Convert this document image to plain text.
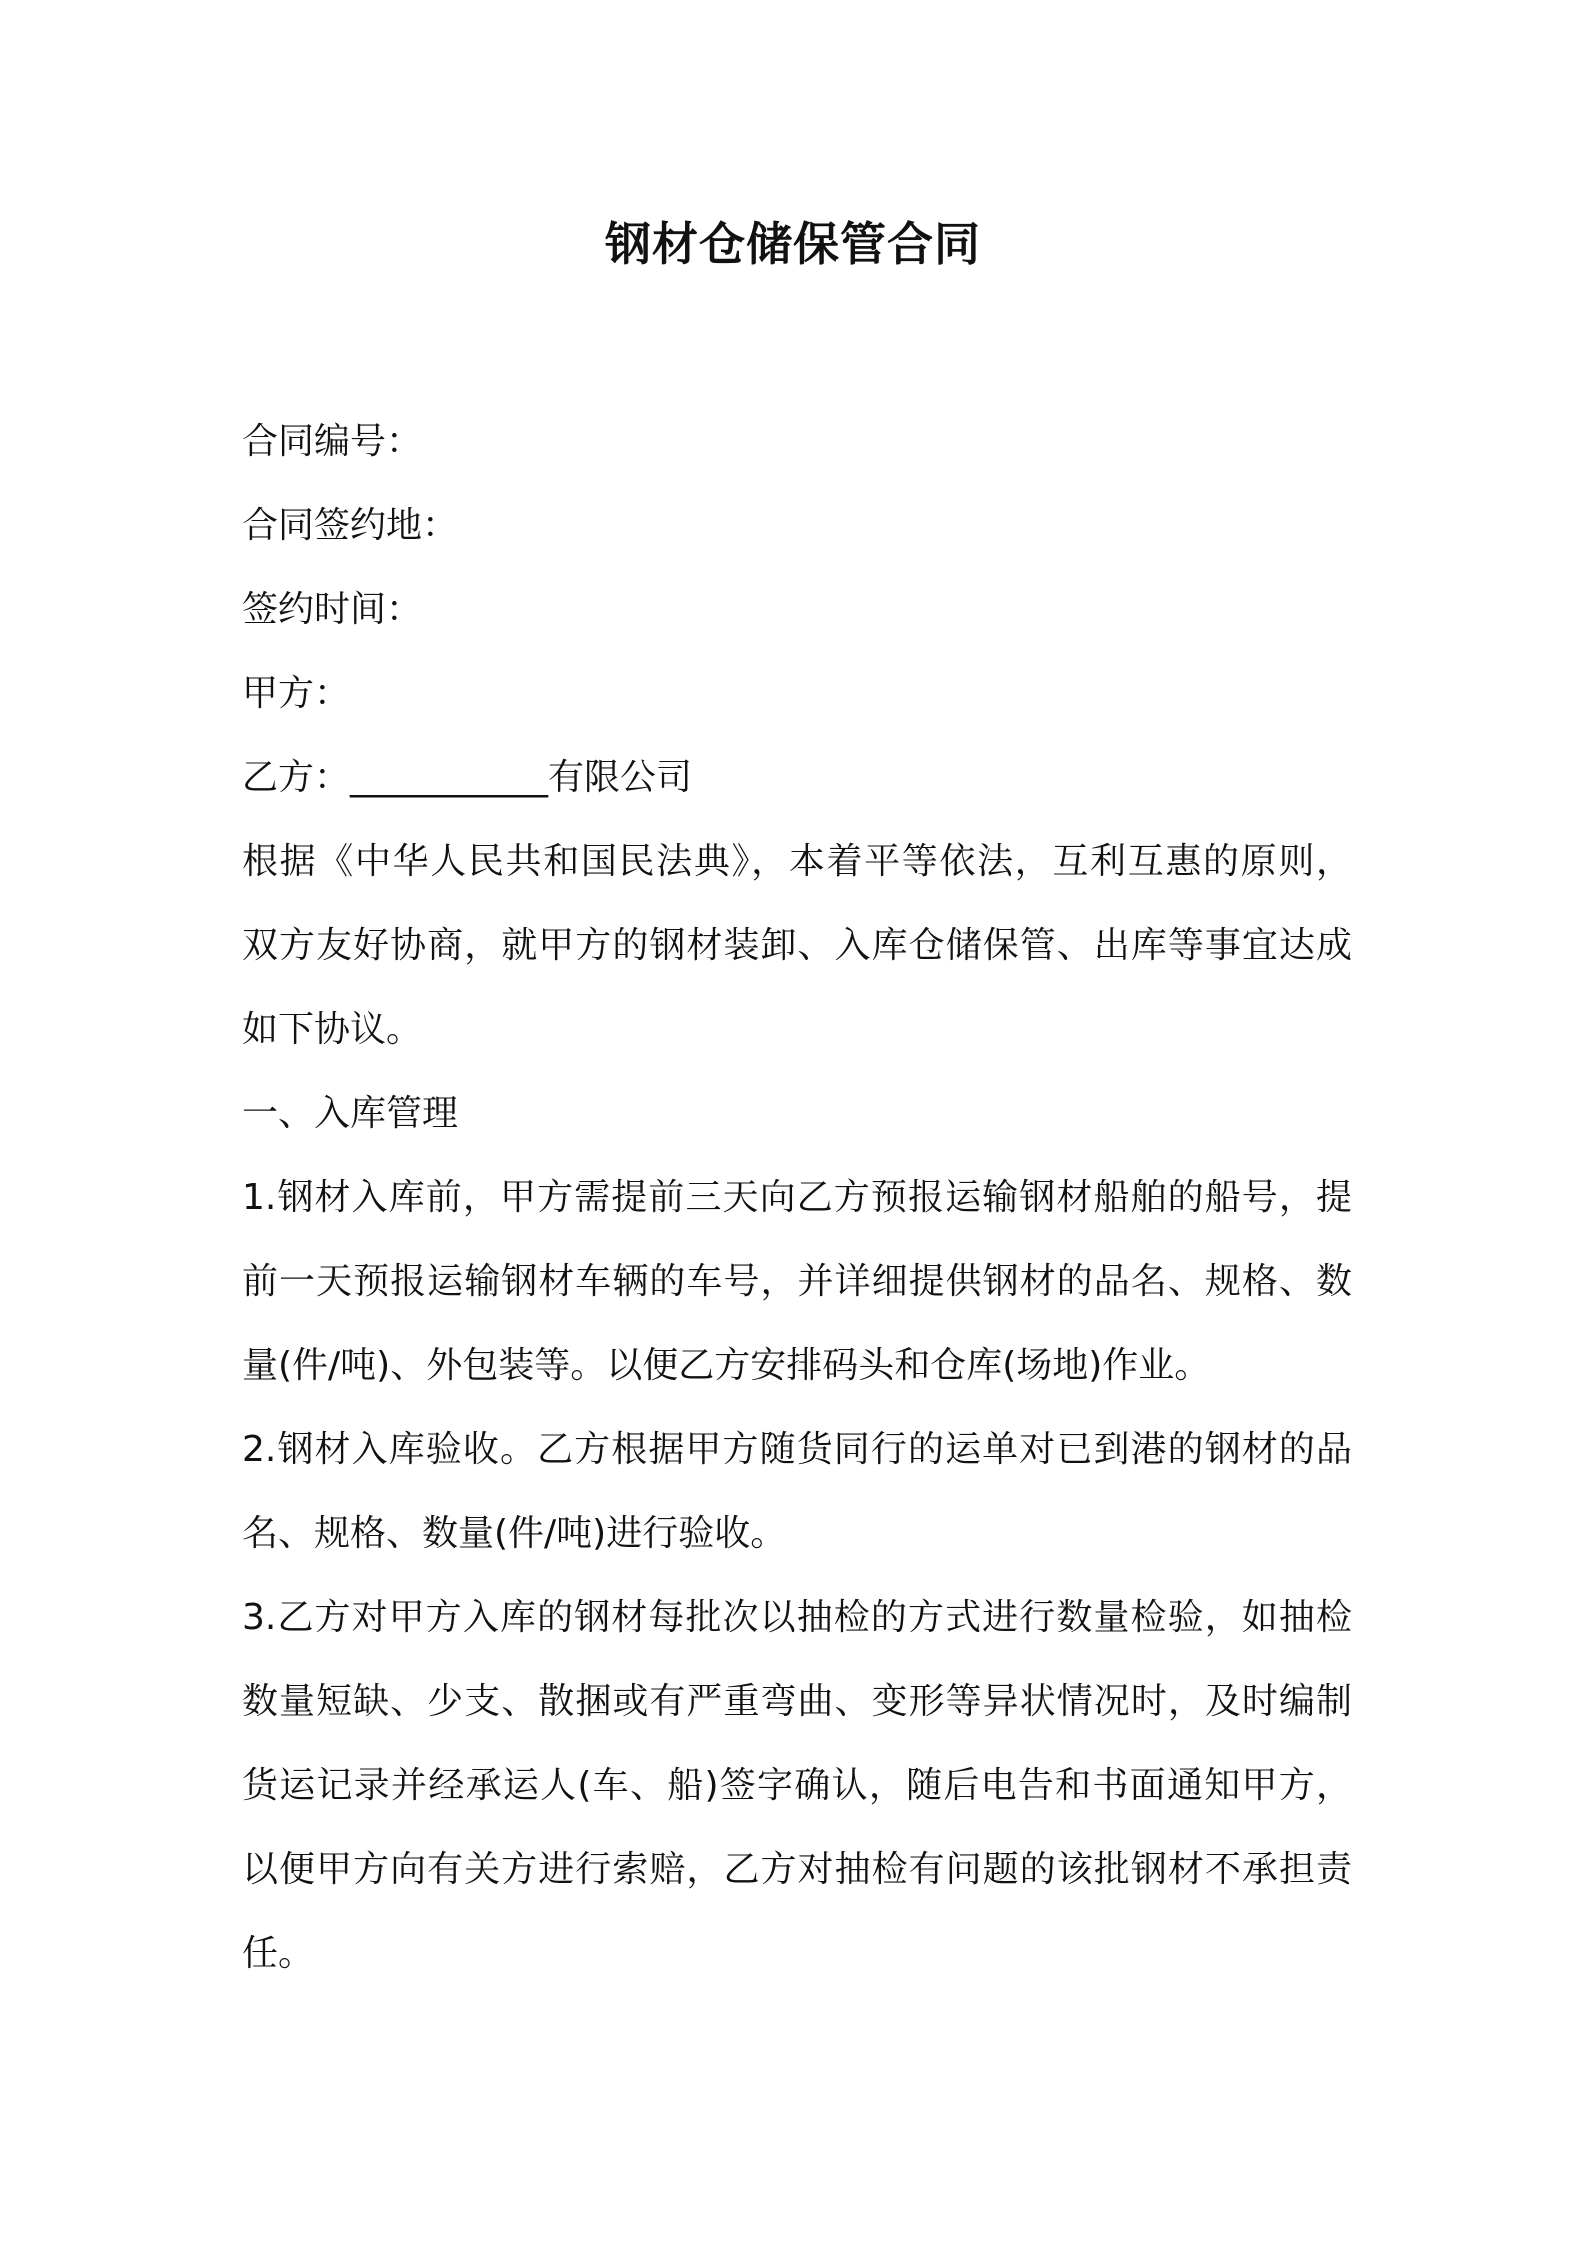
钢材仓储保管合同
合同编号：
合同签约地：
签约时间：
甲方：
乙方：___________有限公司
根据《中华人民共和国民法典》，本着平等依法，互利互惠的原则，
双方友好协商，就甲方的钢材装卸、入库仓储保管、出库等事宜达成
如下协议。
一、入库管理
1.钢材入库前，甲方需提前三天向乙方预报运输钢材船舶的船号，提
前一天预报运输钢材车辆的车号，并详细提供钢材的品名、规格、数
量(件/吨)、外包装等。以便乙方安排码头和仓库(场地)作业。
2.钢材入库验收。乙方根据甲方随货同行的运单对已到港的钢材的品
名、规格、数量(件/吨)进行验收。
3.乙方对甲方入库的钢材每批次以抽检的方式进行数量检验，如抽检
数量短缺、少支、散捆或有严重弯曲、变形等异状情况时，及时编制
货运记录并经承运人(车、船)签字确认，随后电告和书面通知甲方，
以便甲方向有关方进行索赔，乙方对抽检有问题的该批钢材不承担责
任。
